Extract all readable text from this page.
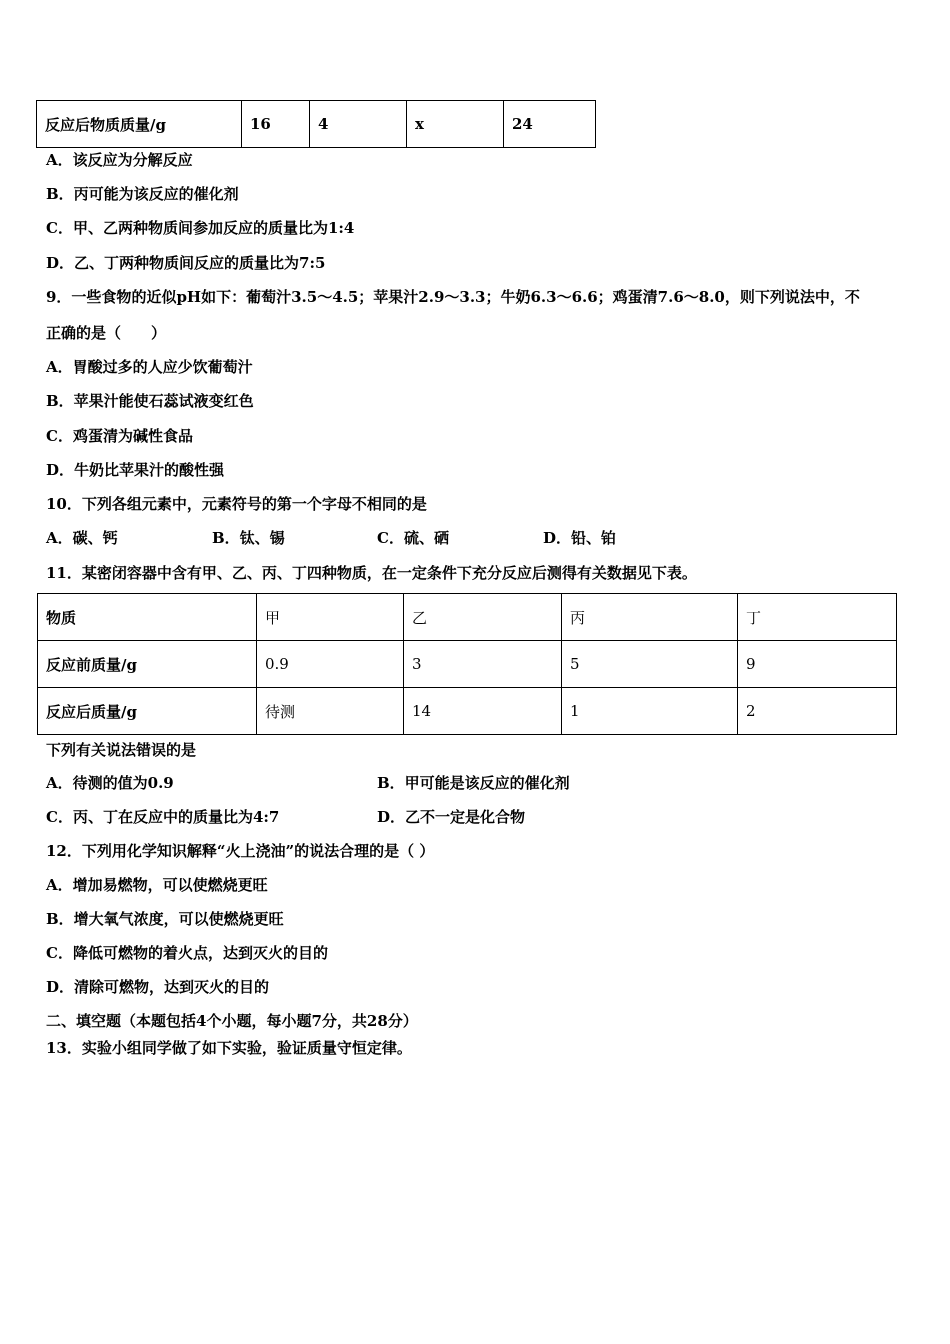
反应后物质质量/g	16	4	x	24
A．该反应为分解反应
B．丙可能为该反应的催化剂
C．甲、乙两种物质间参加反应的质量比为1:4
D．乙、丁两种物质间反应的质量比为7:5
9．一些食物的近似pH如下：葡萄汁3.5～4.5；苹果汁2.9～3.3；牛奶6.3～6.6；鸡蛋清7.6～8.0，则下列说法中，不
正确的是（　　）
A．胃酸过多的人应少饮葡萄汁
B．苹果汁能使石蕊试液变红色
C．鸡蛋清为碱性食品
D．牛奶比苹果汁的酸性强
10．下列各组元素中，元素符号的第一个字母不相同的是
A．碳、钙	B．钛、锡	C．硫、硒	D．铅、铂
11．某密闭容器中含有甲、乙、丙、丁四种物质，在一定条件下充分反应后测得有关数据见下表。
物质	甲	乙	丙	丁
反应前质量/g	0.9	3	5	9
反应后质量/g	待测	14	1	2
下列有关说法错误的是
A．待测的值为0.9	B．甲可能是该反应的催化剂
C．丙、丁在反应中的质量比为4:7	D．乙不一定是化合物
12．下列用化学知识解释“火上浇油”的说法合理的是（ ）
A．增加易燃物，可以使燃烧更旺
B．增大氧气浓度，可以使燃烧更旺
C．降低可燃物的着火点，达到灭火的目的
D．清除可燃物，达到灭火的目的
二、填空题（本题包括4个小题，每小题7分，共28分）
13．实验小组同学做了如下实验，验证质量守恒定律。
